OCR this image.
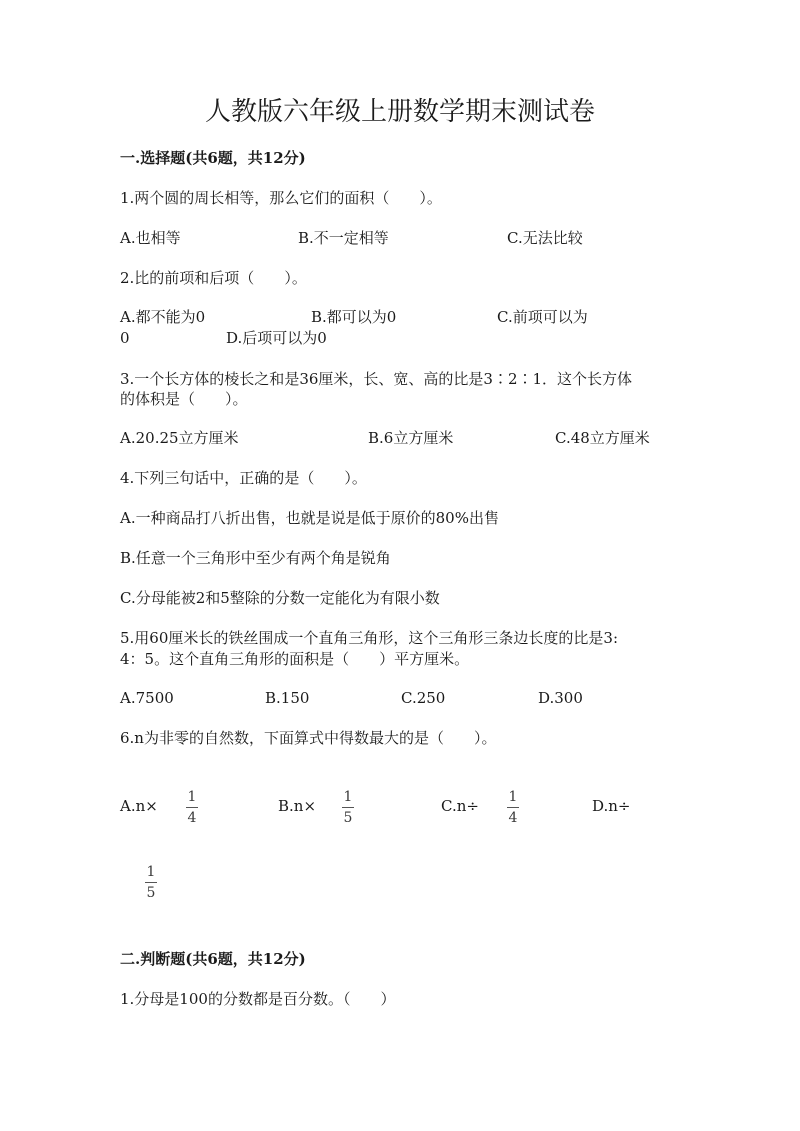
人教版六年级上册数学期末测试卷
一.选择题(共6题，共12分)
1.两个圆的周长相等，那么它们的面积（　　）。
A.也相等	B.不一定相等	C.无法比较
2.比的前项和后项（　　）。
A.都不能为0	B.都可以为0	C.前项可以为
0	D.后项可以为0
3.一个长方体的棱长之和是36厘米，长、宽、高的比是3∶2∶1．这个长方体
的体积是（　　）。
A.20.25立方厘米	B.6立方厘米	C.48立方厘米
4.下列三句话中，正确的是（　　）。
A.一种商品打八折出售，也就是说是低于原价的80%出售
B.任意一个三角形中至少有两个角是锐角
C.分母能被2和5整除的分数一定能化为有限小数
5.用60厘米长的铁丝围成一个直角三角形，这个三角形三条边长度的比是3:
4：5。这个直角三角形的面积是（　　）平方厘米。
A.7500	B.150	C.250	D.300
6.n为非零的自然数，下面算式中得数最大的是（　　）。
A.n× 1
4
B.n× 1
5
C.n÷ 1
4
D.n÷
1
5
二.判断题(共6题，共12分)
1.分母是100的分数都是百分数。（　　）
